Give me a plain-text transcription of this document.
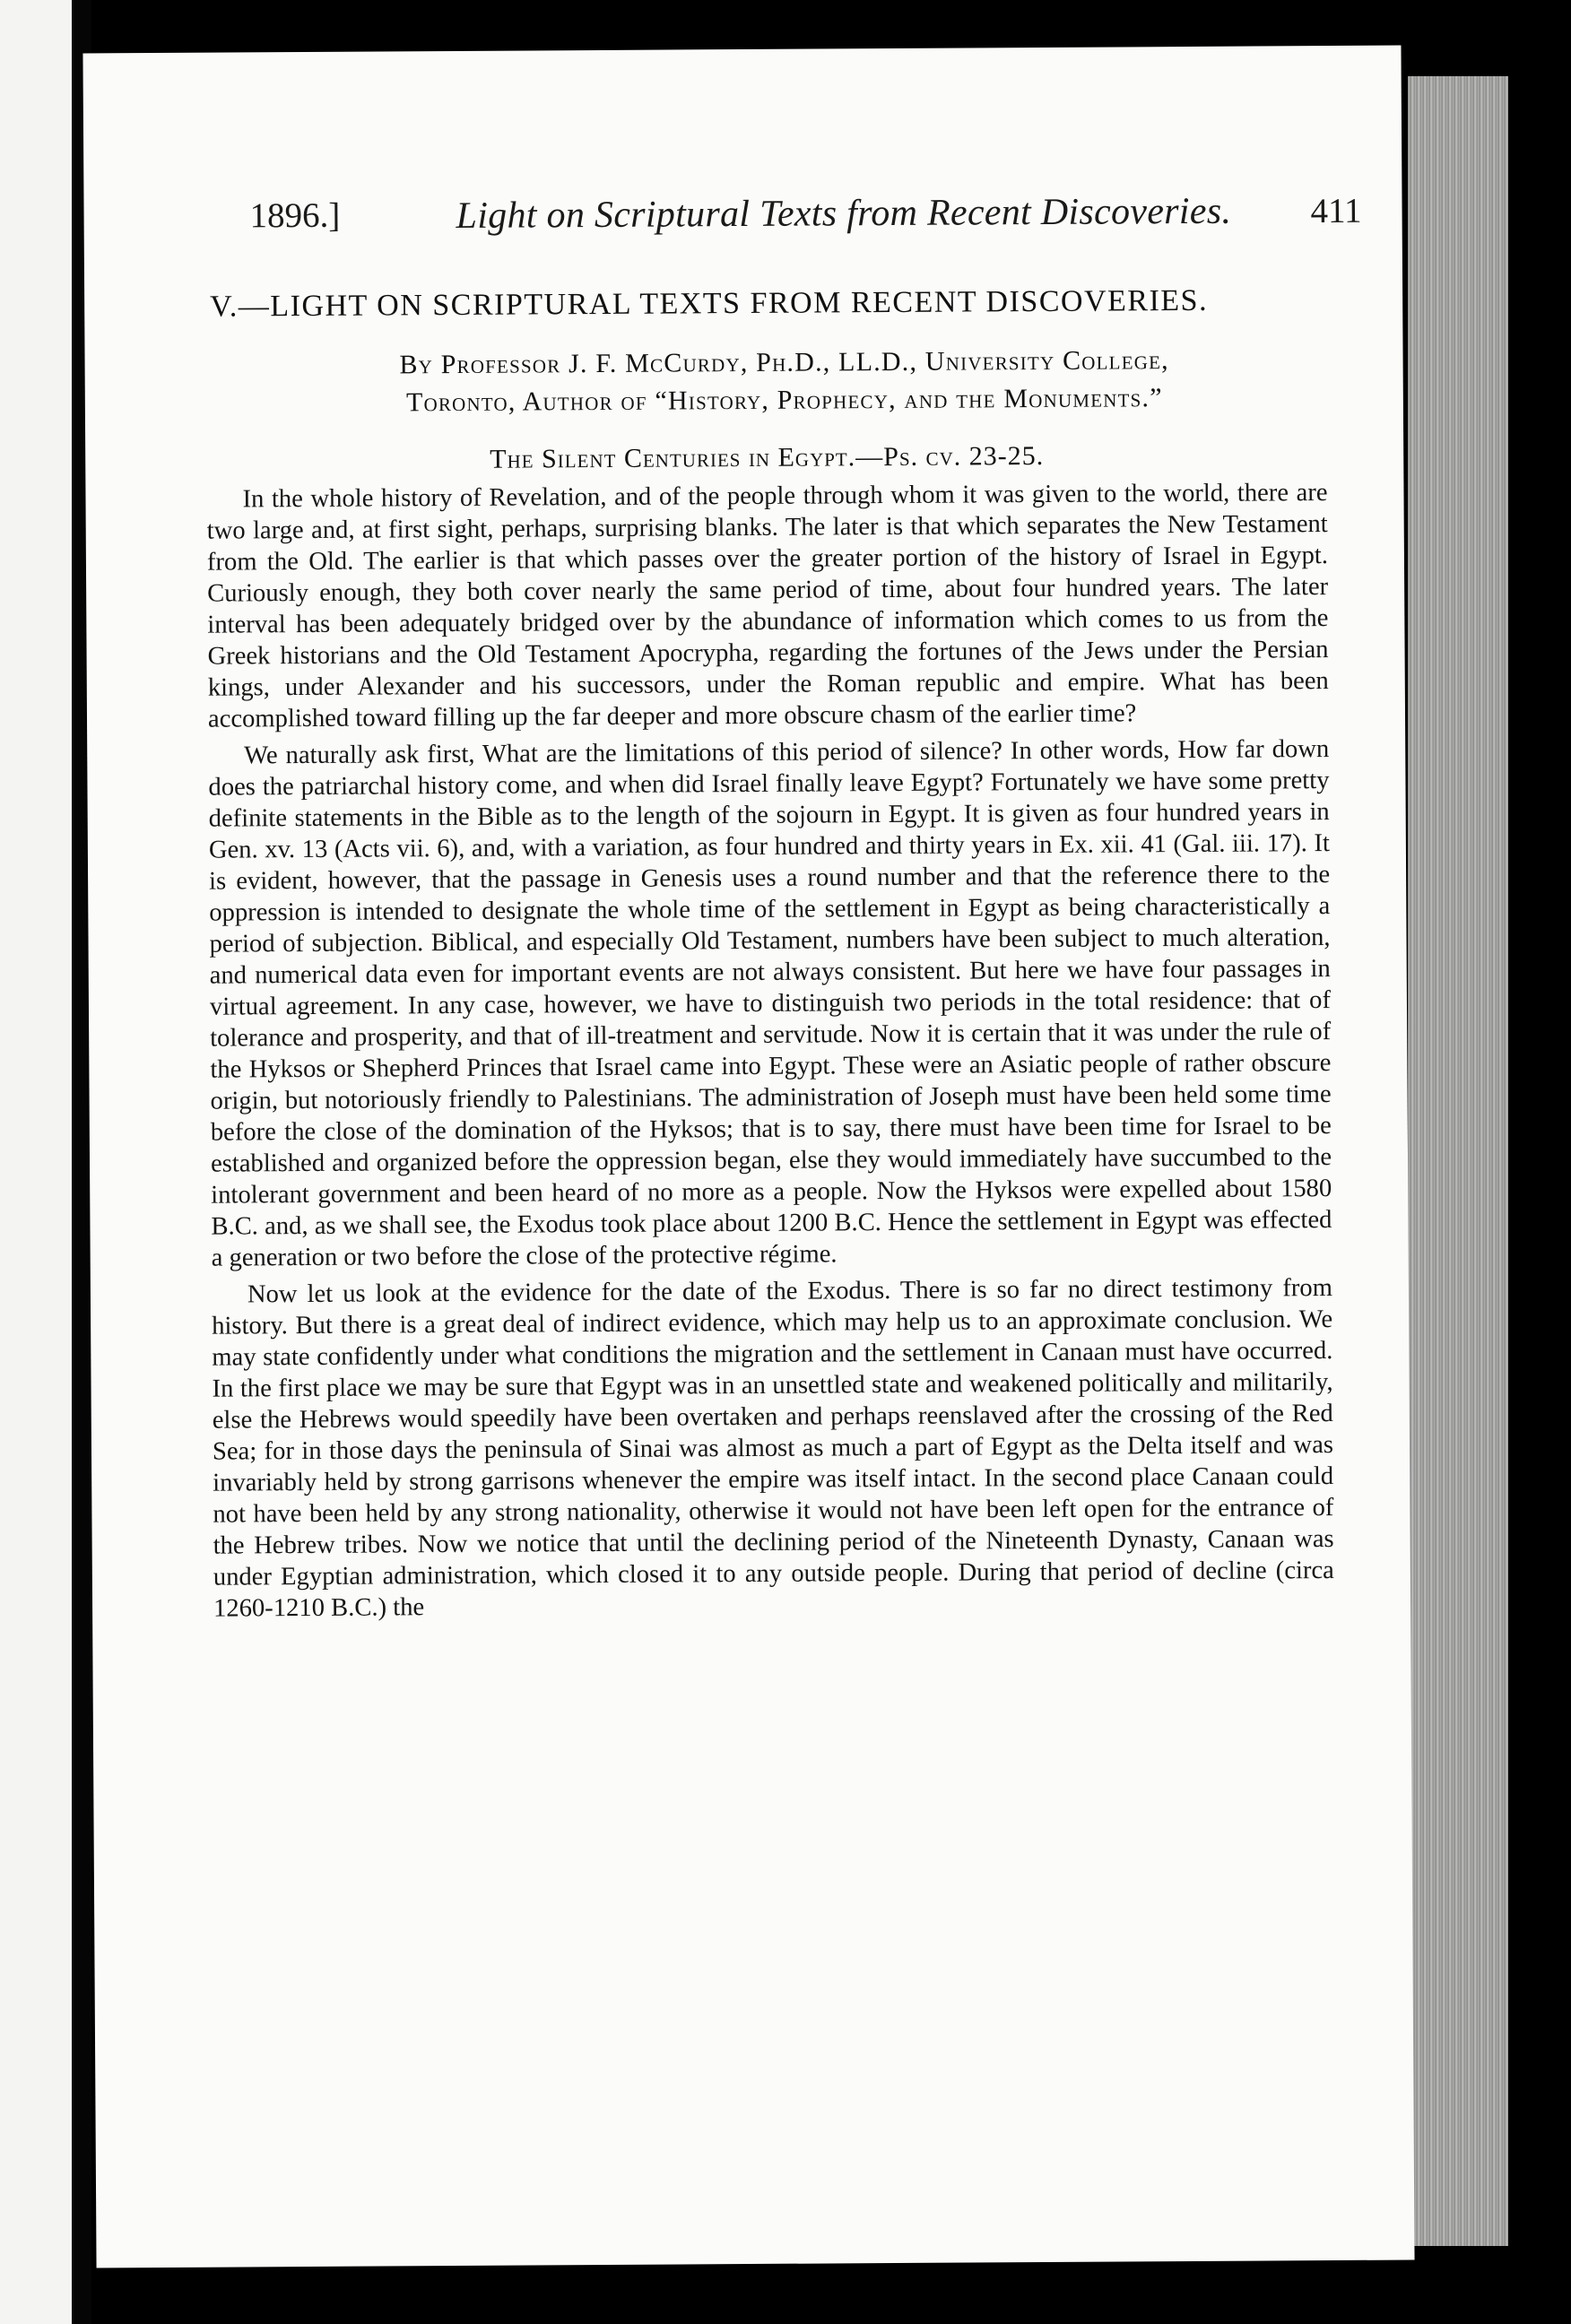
1896.]	Light on Scriptural Texts from Recent Discoveries. 411
V.—LIGHT ON SCRIPTURAL TEXTS FROM RECENT DISCOVERIES.
By Professor J. F. McCurdy, Ph.D., LL.D., University College,
Toronto, Author of “History, Prophecy, and the Monuments.”
The Silent Centuries in Egypt.—Ps. cv. 23-25.

In the whole history of Revelation, and of the people through whom it was given to the world, there are two large and, at first sight, perhaps, surprising blanks. The later is that which separates the New Testament from the Old. The earlier is that which passes over the greater portion of the history of Israel in Egypt. Curiously enough, they both cover nearly the same period of time, about four hundred years. The later interval has been adequately bridged over by the abundance of information which comes to us from the Greek historians and the Old Testament Apocrypha, regarding the fortunes of the Jews under the Persian kings, under Alexander and his successors, under the Roman republic and empire. What has been accomplished toward filling up the far deeper and more obscure chasm of the earlier time?

We naturally ask first, What are the limitations of this period of silence? In other words, How far down does the patriarchal history come, and when did Israel finally leave Egypt? Fortunately we have some pretty definite statements in the Bible as to the length of the sojourn in Egypt. It is given as four hundred years in Gen. xv. 13 (Acts vii. 6), and, with a variation, as four hundred and thirty years in Ex. xii. 41 (Gal. iii. 17). It is evident, however, that the passage in Genesis uses a round number and that the reference there to the oppression is intended to designate the whole time of the settlement in Egypt as being characteristically a period of subjection. Biblical, and especially Old Testament, numbers have been subject to much alteration, and numerical data even for important events are not always consistent. But here we have four passages in virtual agreement. In any case, however, we have to distinguish two periods in the total residence: that of tolerance and prosperity, and that of ill-treatment and servitude. Now it is certain that it was under the rule of the Hyksos or Shepherd Princes that Israel came into Egypt. These were an Asiatic people of rather obscure origin, but notoriously friendly to Palestinians. The administration of Joseph must have been held some time before the close of the domination of the Hyksos; that is to say, there must have been time for Israel to be established and organized before the oppression began, else they would immediately have succumbed to the intolerant government and been heard of no more as a people. Now the Hyksos were expelled about 1580 B.C. and, as we shall see, the Exodus took place about 1200 B.C. Hence the settlement in Egypt was effected a generation or two before the close of the protective régime.

Now let us look at the evidence for the date of the Exodus. There is so far no direct testimony from history. But there is a great deal of indirect evidence, which may help us to an approximate conclusion. We may state confidently under what conditions the migration and the settlement in Canaan must have occurred. In the first place we may be sure that Egypt was in an unsettled state and weakened politically and militarily, else the Hebrews would speedily have been overtaken and perhaps reenslaved after the crossing of the Red Sea; for in those days the peninsula of Sinai was almost as much a part of Egypt as the Delta itself and was invariably held by strong garrisons whenever the empire was itself intact. In the second place Canaan could not have been held by any strong nationality, otherwise it would not have been left open for the entrance of the Hebrew tribes. Now we notice that until the declining period of the Nineteenth Dynasty, Canaan was under Egyptian administration, which closed it to any outside people. During that period of decline (circa 1260-1210 B.C.) the
